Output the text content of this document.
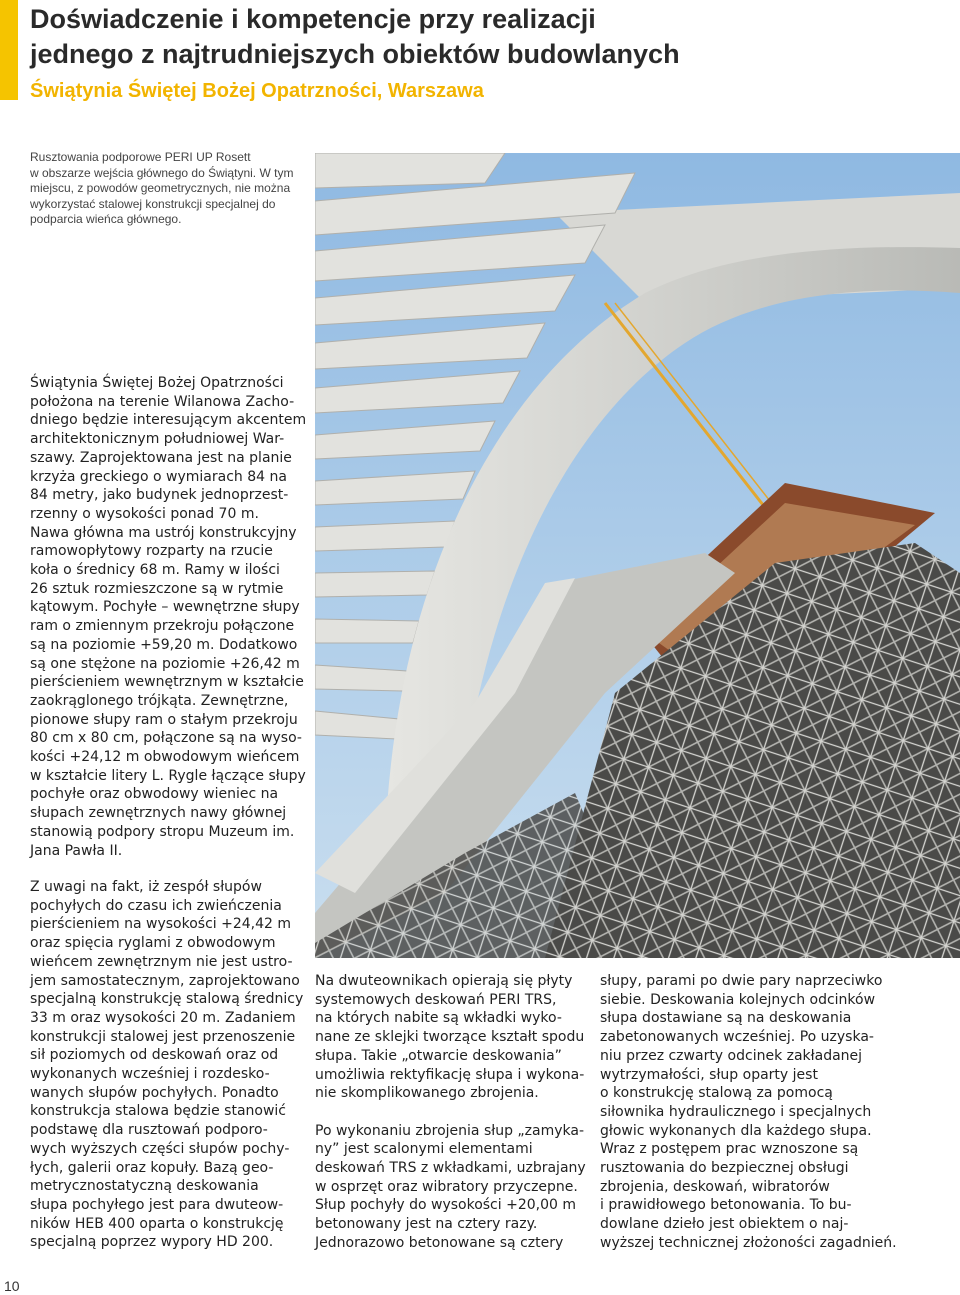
Doświadczenie i kompetencje przy realizacji
jednego z najtrudniejszych obiektów budowlanych
Świątynia Świętej Bożej Opatrzności, Warszawa
Rusztowania podporowe PERI UP Rosett
w obszarze wejścia głównego do Świątyni. W tym
miejscu, z powodów geometrycznych, nie można
wykorzystać stalowej konstrukcji specjalnej do
podparcia wieńca głównego.
Świątynia Świętej Bożej Opatrzności
położona na terenie Wilanowa Zacho-
dniego będzie interesującym akcentem
architektonicznym południowej War-
szawy. Zaprojektowana jest na planie
krzyża greckiego o wymiarach 84 na
84 metry, jako budynek jednoprzest-
rzenny o wysokości ponad 70 m.
Nawa główna ma ustrój konstrukcyjny
ramowopłytowy rozparty na rzucie
koła o średnicy 68 m. Ramy w ilości
26 sztuk rozmieszczone są w rytmie
kątowym. Pochyłe – wewnętrzne słupy
ram o zmiennym przekroju połączone
są na poziomie +59,20 m. Dodatkowo
są one stężone na poziomie +26,42 m
pierścieniem wewnętrznym w kształcie
zaokrąglonego trójkąta. Zewnętrzne,
pionowe słupy ram o stałym przekroju
80 cm x 80 cm, połączone są na wyso-
kości +24,12 m obwodowym wieńcem
w kształcie litery L. Rygle łączące słupy
pochyłe oraz obwodowy wieniec na
słupach zewnętrznych nawy głównej
stanowią podpory stropu Muzeum im.
Jana Pawła II.
Z uwagi na fakt, iż zespół słupów
pochyłych do czasu ich zwieńczenia
pierścieniem na wysokości +24,42 m
oraz spięcia ryglami z obwodowym
wieńcem zewnętrznym nie jest ustro-
jem samostatecznym, zaprojektowano
specjalną konstrukcję stalową średnicy
33 m oraz wysokości 20 m. Zadaniem
konstrukcji stalowej jest przenoszenie
sił poziomych od deskowań oraz od
wykonanych wcześniej i rozdesko-
wanych słupów pochyłych. Ponadto
konstrukcja stalowa będzie stanowić
podstawę dla rusztowań podporo-
wych wyższych części słupów pochy-
łych, galerii oraz kopuły. Bazą geo-
metrycznostatyczną deskowania
słupa pochyłego jest para dwuteow-
ników HEB 400 oparta o konstrukcję
specjalną poprzez wypory HD 200.
Na dwuteownikach opierają się płyty
systemowych deskowań PERI TRS,
na których nabite są wkładki wyko-
nane ze sklejki tworzące kształt spodu
słupa. Takie „otwarcie deskowania”
umożliwia rektyfikację słupa i wykona-
nie skomplikowanego zbrojenia.
Po wykonaniu zbrojenia słup „zamyka-
ny” jest scalonymi elementami
deskowań TRS z wkładkami, uzbrajany
w osprzęt oraz wibratory przyczepne.
Słup pochyły do wysokości +20,00 m
betonowany jest na cztery razy.
Jednorazowo betonowane są cztery
słupy, parami po dwie pary naprzeciwko
siebie. Deskowania kolejnych odcinków
słupa dostawiane są na deskowania
zabetonowanych wcześniej. Po uzyska-
niu przez czwarty odcinek zakładanej
wytrzymałości, słup oparty jest
o konstrukcję stalową za pomocą
siłownika hydraulicznego i specjalnych
głowic wykonanych dla każdego słupa.
Wraz z postępem prac wznoszone są
rusztowania do bezpiecznej obsługi
zbrojenia, deskowań, wibratorów
i prawidłowego betonowania. To bu-
dowlane dzieło jest obiektem o naj-
wyższej technicznej złożoności zagadnień.
10
